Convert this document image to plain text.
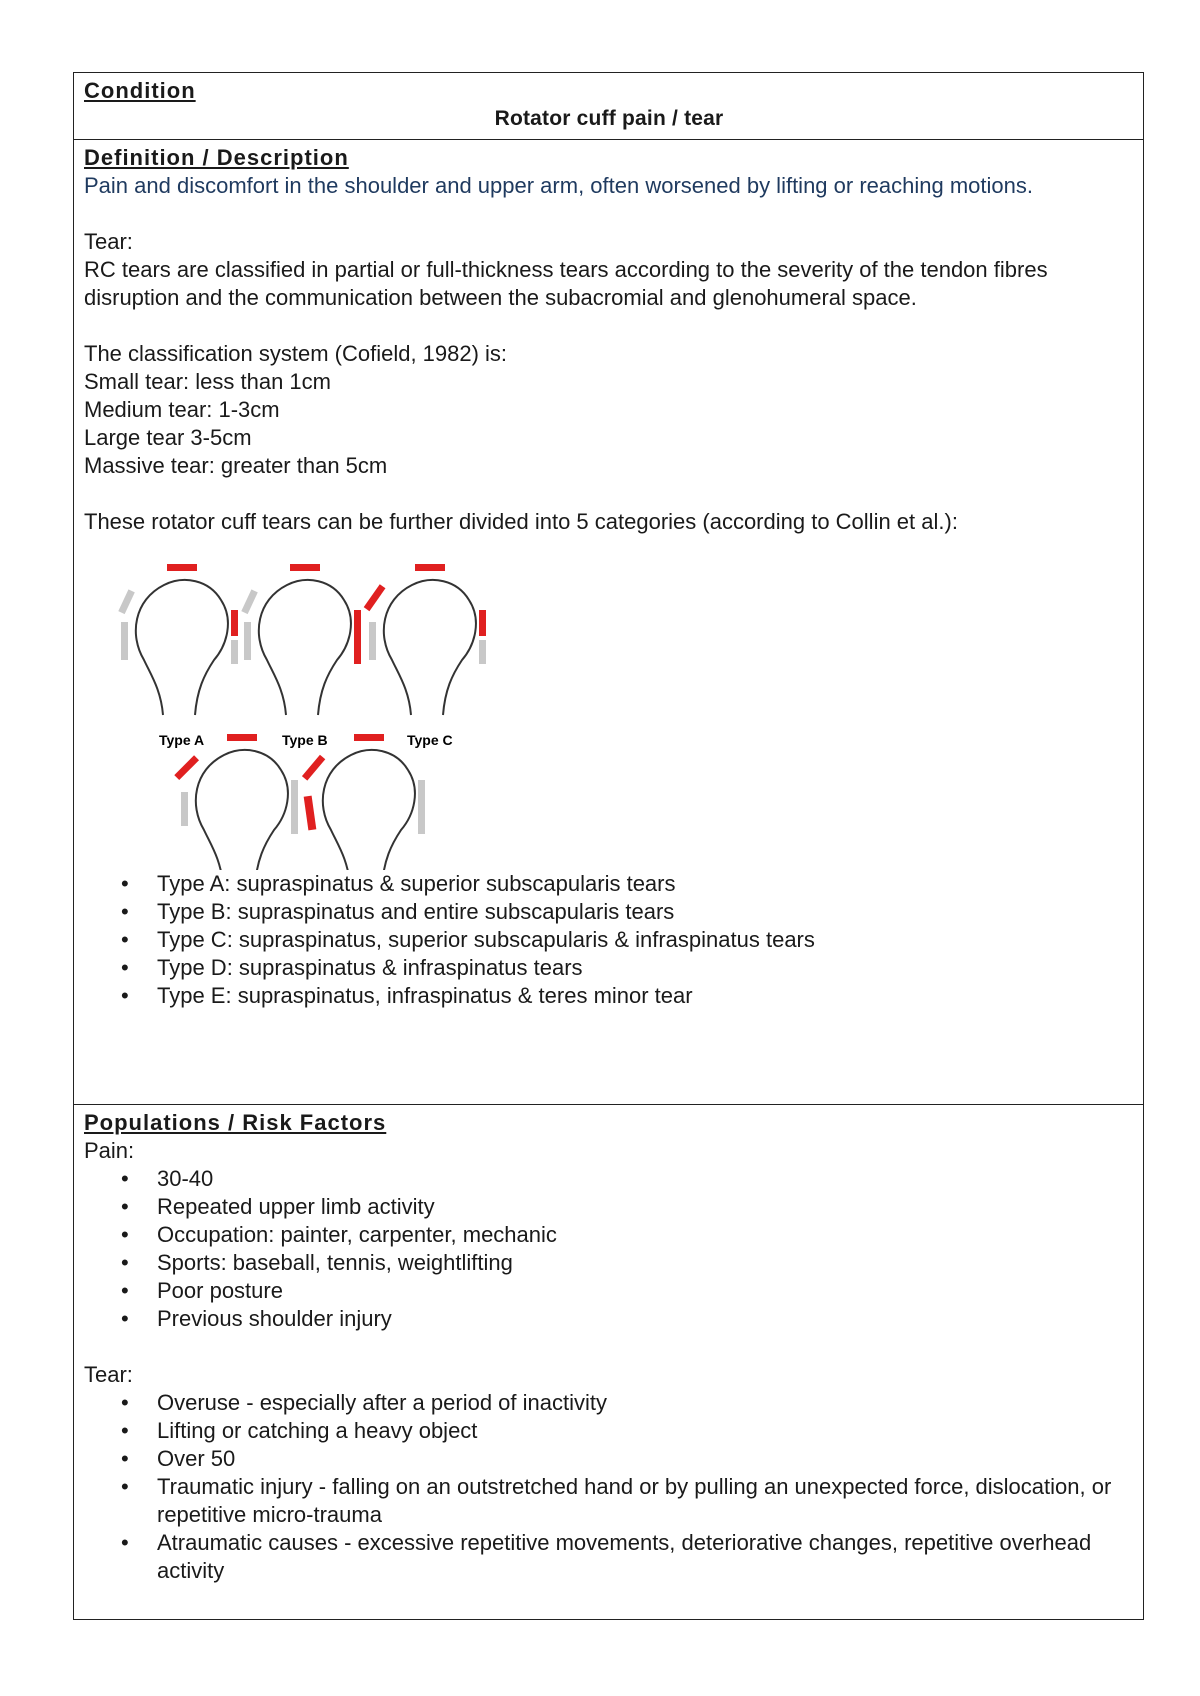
Condition
Rotator cuff pain / tear

Definition / Description

Pain and discomfort in the shoulder and upper arm, often worsened by lifting or reaching motions.

Tear:

RC tears are classified in partial or full-thickness tears according to the severity of the tendon fibres disruption and the communication between the subacromial and glenohumeral space.

The classification system (Cofield, 1982) is:

Small tear: less than 1cm

Medium tear: 1-3cm

Large tear 3-5cm

Massive tear: greater than 5cm

These rotator cuff tears can be further divided into 5 categories (according to Collin et al.):

Type A	Type B	Type C
• Type A: supraspinatus & superior subscapularis tears
• Type B: supraspinatus and entire subscapularis tears
• Type C: supraspinatus, superior subscapularis & infraspinatus tears
• Type D: supraspinatus & infraspinatus tears
• Type E: supraspinatus, infraspinatus & teres minor tear

Populations / Risk Factors

Pain:

• 30-40
• Repeated upper limb activity
• Occupation: painter, carpenter, mechanic
• Sports: baseball, tennis, weightlifting
• Poor posture
• Previous shoulder injury

Tear:

• Overuse - especially after a period of inactivity
• Lifting or catching a heavy object
• Over 50
• Traumatic injury - falling on an outstretched hand or by pulling an unexpected force, dislocation, or repetitive micro-trauma
• Atraumatic causes - excessive repetitive movements, deteriorative changes, repetitive overhead activity
